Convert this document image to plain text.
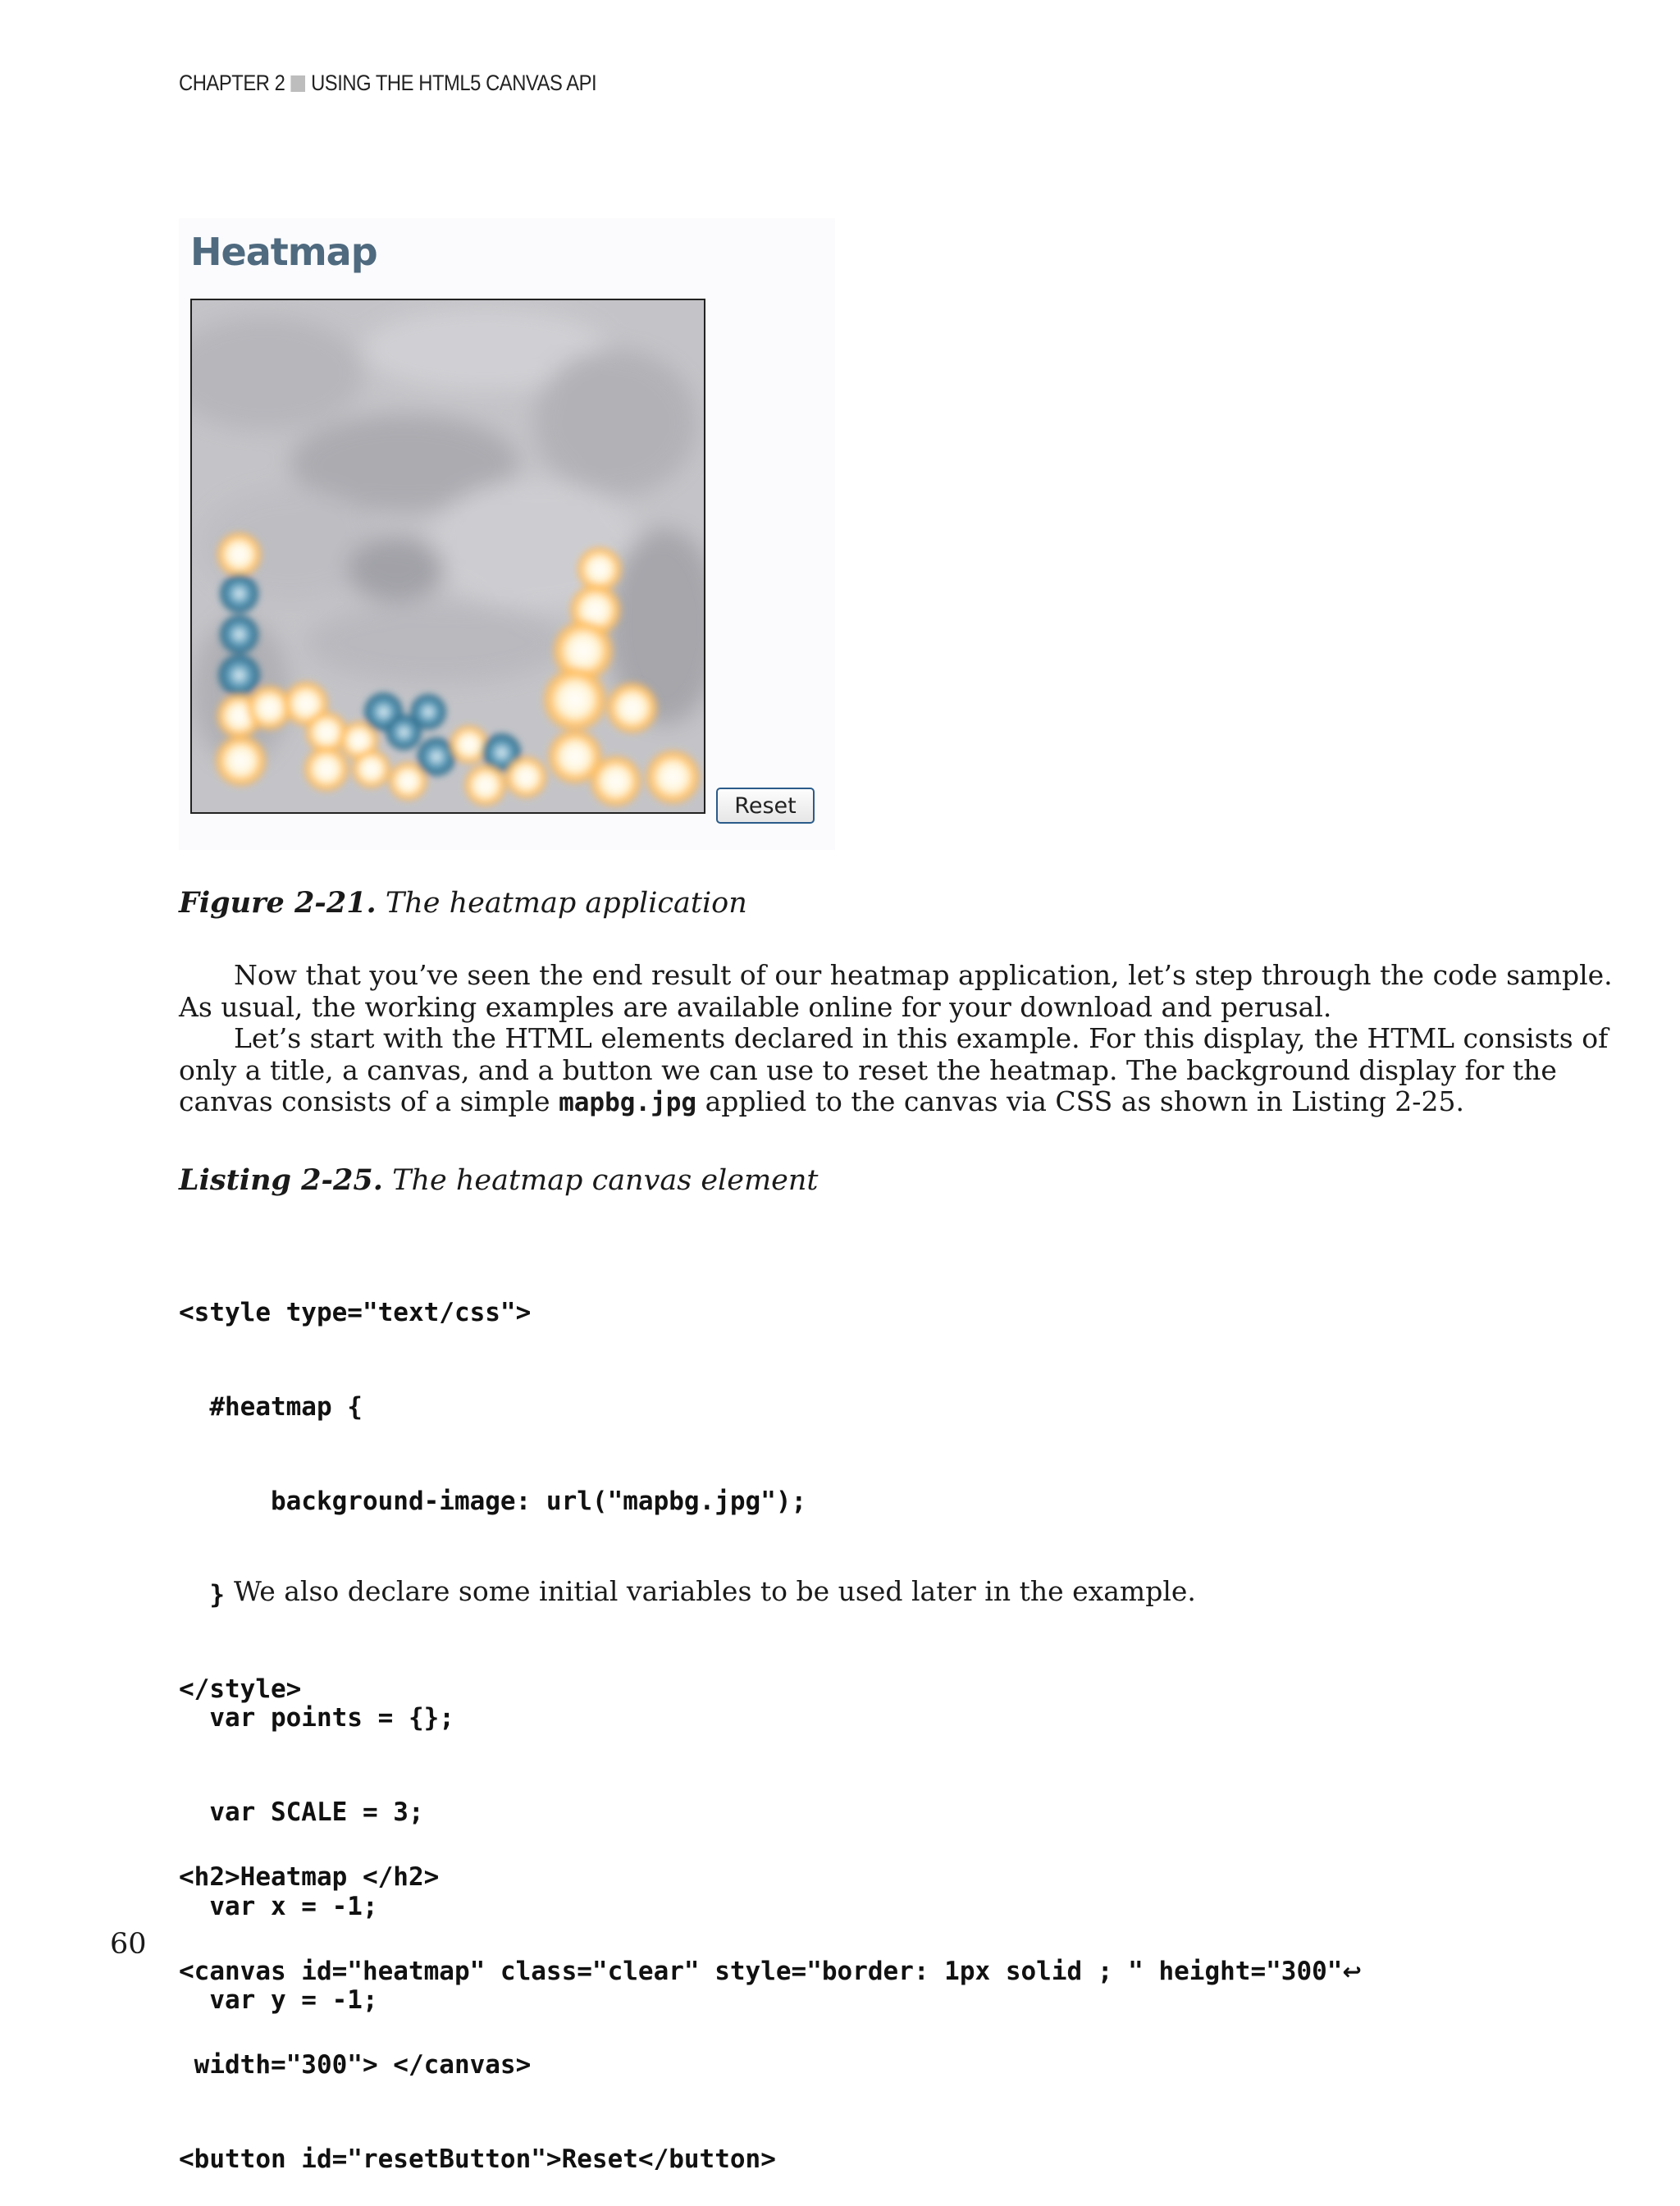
CHAPTER 2 USING THE HTML5 CANVAS API
Heatmap
Reset
Figure 2-21. The heatmap application
Now that you’ve seen the end result of our heatmap application, let’s step through the code sample.
As usual, the working examples are available online for your download and perusal.
Let’s start with the HTML elements declared in this example. For this display, the HTML consists of
only a title, a canvas, and a button we can use to reset the heatmap. The background display for the
canvas consists of a simple mapbg.jpg applied to the canvas via CSS as shown in Listing 2-25.
Listing 2-25. The heatmap canvas element

<style type="text/css">

#heatmap {

background-image: url("mapbg.jpg");

}

</style>

<h2>Heatmap </h2>

<canvas id="heatmap" class="clear" style="border: 1px solid ; " height="300"↩

width="300"> </canvas>

<button id="resetButton">Reset</button>

We also declare some initial variables to be used later in the example.

var points = {};

var SCALE = 3;

var x = -1;

var y = -1;

60
